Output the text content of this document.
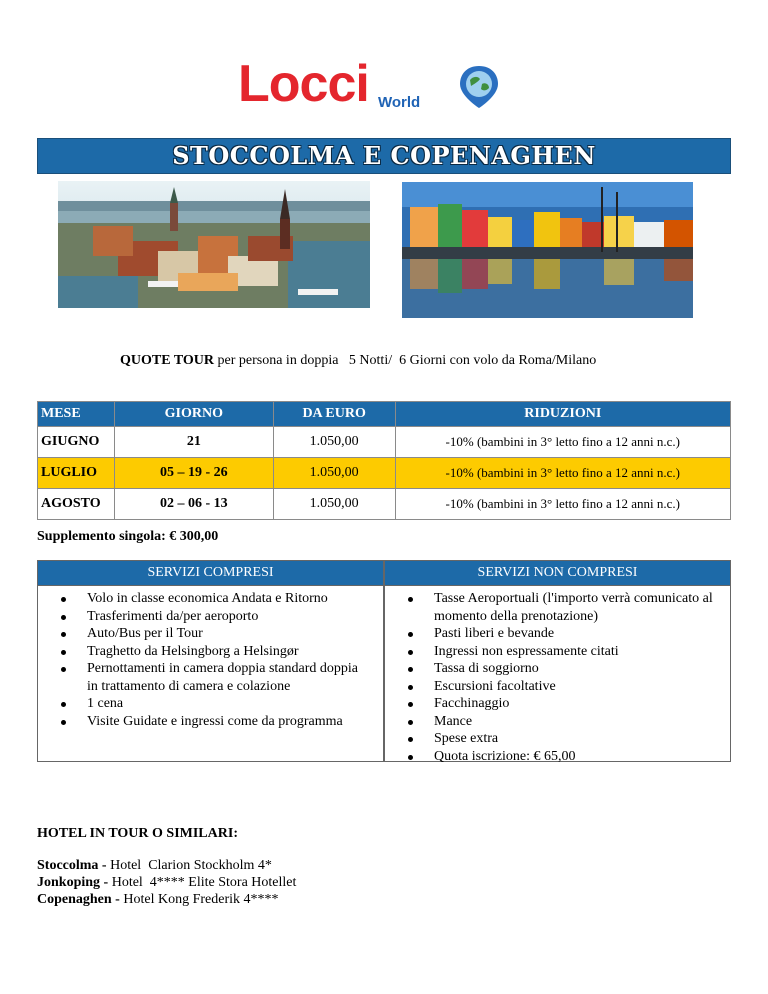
Locci World
STOCCOLMA E COPENAGHEN
QUOTE TOUR per persona in doppia   5 Notti/  6 Giorni con volo da Roma/Milano
MESE	GIORNO	DA EURO	RIDUZIONI
GIUGNO	21	1.050,00	-10% (bambini in 3° letto fino a 12 anni n.c.)
LUGLIO	05 – 19 - 26	1.050,00	-10% (bambini in 3° letto fino a 12 anni n.c.)
AGOSTO	02 – 06 - 13	1.050,00	-10% (bambini in 3° letto fino a 12 anni n.c.)
Supplemento singola: € 300,00
SERVIZI COMPRESI
Volo in classe economica Andata e Ritorno
Trasferimenti da/per aeroporto
Auto/Bus per il Tour
Traghetto da Helsingborg a Helsingør
Pernottamenti in camera doppia standard doppia in trattamento di camera e colazione
1 cena
Visite Guidate e ingressi come da programma
SERVIZI NON COMPRESI
Tasse Aeroportuali (l'importo verrà comunicato al momento della prenotazione)
Pasti liberi e bevande
Ingressi non espressamente citati
Tassa di soggiorno
Escursioni facoltative
Facchinaggio
Mance
Spese extra
Quota iscrizione: € 65,00
HOTEL IN TOUR O SIMILARI:
Stoccolma - Hotel  Clarion Stockholm 4*
Jonkoping - Hotel  4**** Elite Stora Hotellet
Copenaghen - Hotel Kong Frederik 4****
